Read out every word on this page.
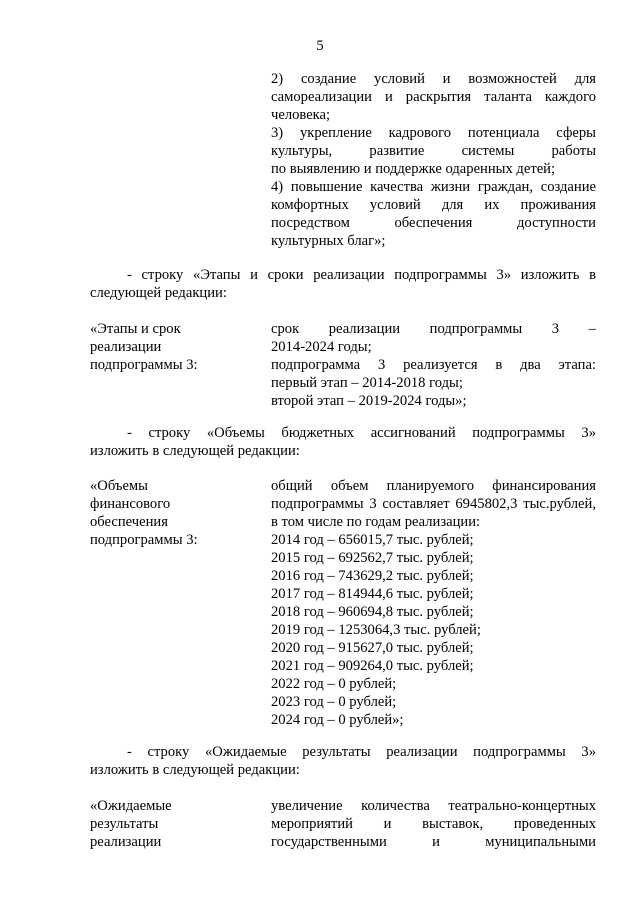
5
2) создание условий и возможностей для
самореализации и раскрытия таланта каждого
человека;
3) укрепление кадрового потенциала сферы
культуры, развитие системы работы
по выявлению и поддержке одаренных детей;
4) повышение качества жизни граждан, создание
комфортных условий для их проживания
посредством обеспечения доступности
культурных благ»;
- строку «Этапы и сроки реализации подпрограммы 3» изложить в
следующей редакции:
«Этапы и срок
реализации
подпрограммы 3:
срок реализации подпрограммы 3 –
2014-2024 годы;
подпрограмма 3 реализуется в два этапа:
первый этап – 2014-2018 годы;
второй этап – 2019-2024 годы»;
- строку «Объемы бюджетных ассигнований подпрограммы 3»
изложить в следующей редакции:
«Объемы
финансового
обеспечения
подпрограммы 3:
общий объем планируемого финансирования
подпрограммы 3 составляет 6945802,3 тыс.рублей,
в том числе по годам реализации:
2014 год – 656015,7 тыс. рублей;
2015 год – 692562,7 тыс. рублей;
2016 год – 743629,2 тыс. рублей;
2017 год – 814944,6 тыс. рублей;
2018 год – 960694,8 тыс. рублей;
2019 год – 1253064,3 тыс. рублей;
2020 год – 915627,0 тыс. рублей;
2021 год – 909264,0 тыс. рублей;
2022 год – 0 рублей;
2023 год – 0 рублей;
2024 год – 0 рублей»;
- строку «Ожидаемые результаты реализации подпрограммы 3»
изложить в следующей редакции:
«Ожидаемые
результаты
реализации
увеличение количества театрально-концертных
мероприятий и выставок, проведенных
государственными и муниципальными
